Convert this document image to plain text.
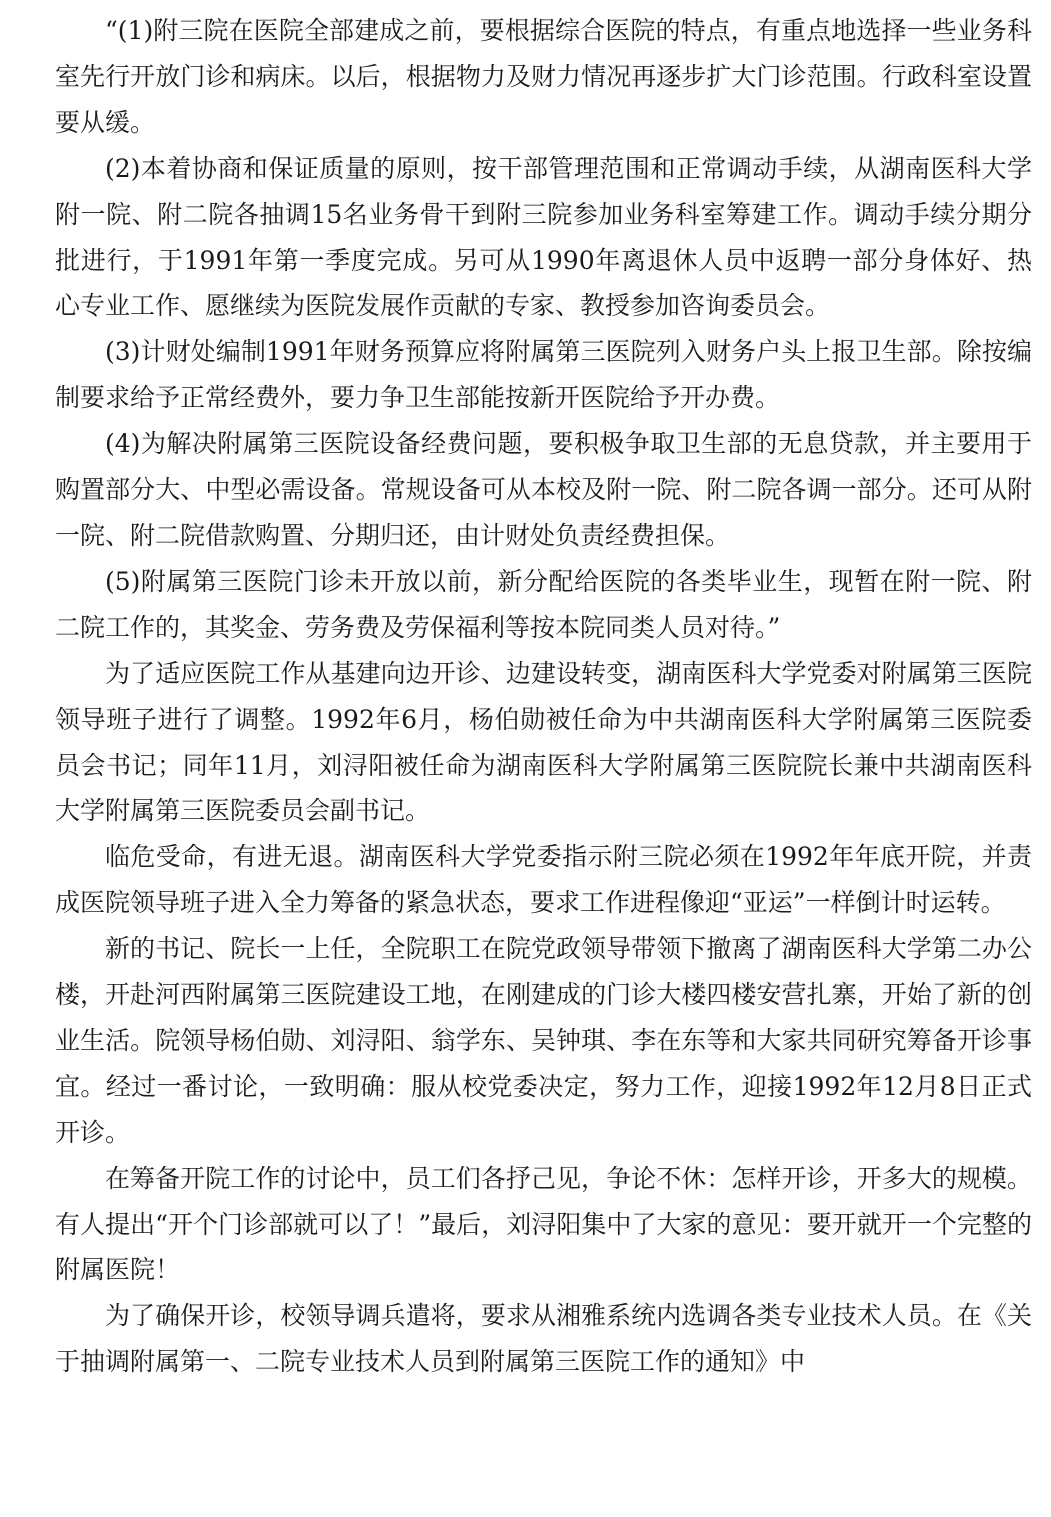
“(1)附三院在医院全部建成之前，要根据综合医院的特点，有重点地选择一些业务科室先行开放门诊和病床。以后，根据物力及财力情况再逐步扩大门诊范围。行政科室设置要从缓。

(2)本着协商和保证质量的原则，按干部管理范围和正常调动手续，从湖南医科大学附一院、附二院各抽调15名业务骨干到附三院参加业务科室筹建工作。调动手续分期分批进行，于1991年第一季度完成。另可从1990年离退休人员中返聘一部分身体好、热心专业工作、愿继续为医院发展作贡献的专家、教授参加咨询委员会。

(3)计财处编制1991年财务预算应将附属第三医院列入财务户头上报卫生部。除按编制要求给予正常经费外，要力争卫生部能按新开医院给予开办费。

(4)为解决附属第三医院设备经费问题，要积极争取卫生部的无息贷款，并主要用于购置部分大、中型必需设备。常规设备可从本校及附一院、附二院各调一部分。还可从附一院、附二院借款购置、分期归还，由计财处负责经费担保。

(5)附属第三医院门诊未开放以前，新分配给医院的各类毕业生，现暂在附一院、附二院工作的，其奖金、劳务费及劳保福利等按本院同类人员对待。”

为了适应医院工作从基建向边开诊、边建设转变，湖南医科大学党委对附属第三医院领导班子进行了调整。1992年6月，杨伯勋被任命为中共湖南医科大学附属第三医院委员会书记；同年11月，刘浔阳被任命为湖南医科大学附属第三医院院长兼中共湖南医科大学附属第三医院委员会副书记。

临危受命，有进无退。湖南医科大学党委指示附三院必须在1992年年底开院，并责成医院领导班子进入全力筹备的紧急状态，要求工作进程像迎“亚运”一样倒计时运转。

新的书记、院长一上任，全院职工在院党政领导带领下撤离了湖南医科大学第二办公楼，开赴河西附属第三医院建设工地，在刚建成的门诊大楼四楼安营扎寨，开始了新的创业生活。院领导杨伯勋、刘浔阳、翁学东、吴钟琪、李在东等和大家共同研究筹备开诊事宜。经过一番讨论，一致明确：服从校党委决定，努力工作，迎接1992年12月8日正式开诊。

在筹备开院工作的讨论中，员工们各抒己见，争论不休：怎样开诊，开多大的规模。有人提出“开个门诊部就可以了！”最后，刘浔阳集中了大家的意见：要开就开一个完整的附属医院！

为了确保开诊，校领导调兵遣将，要求从湘雅系统内选调各类专业技术人员。在《关于抽调附属第一、二院专业技术人员到附属第三医院工作的通知》中
